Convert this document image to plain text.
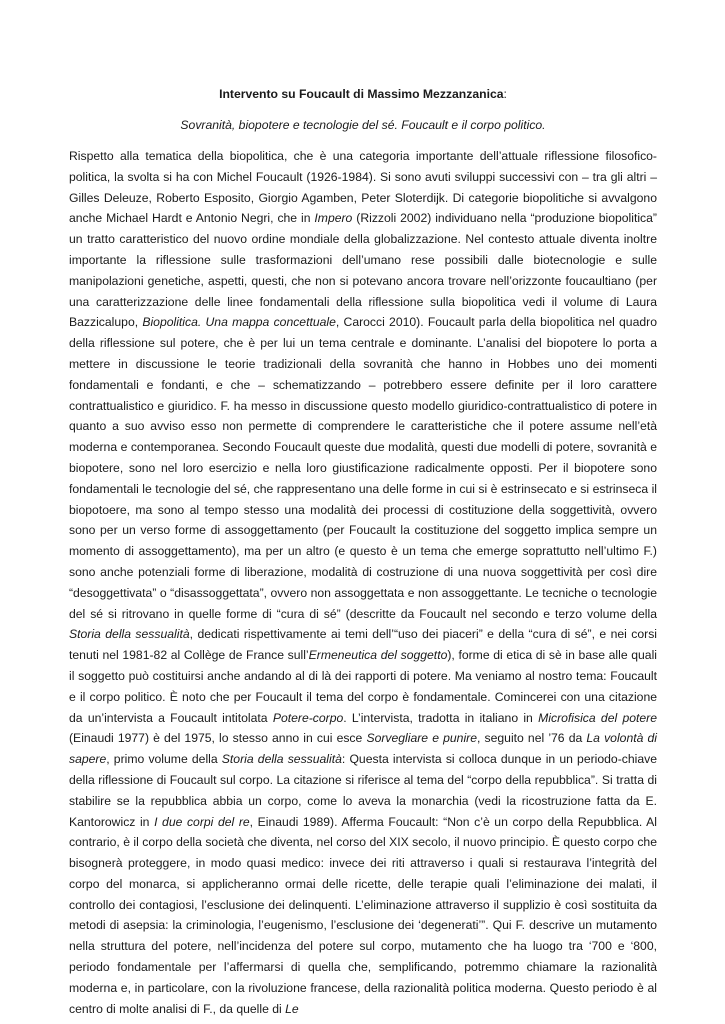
Intervento su Foucault di Massimo Mezzanzanica:

Sovranità, biopotere e tecnologie del sé. Foucault e il corpo politico.

Rispetto alla tematica della biopolitica, che è una categoria importante dell’attuale riflessione filosofico-politica, la svolta si ha con Michel Foucault (1926-1984). Si sono avuti sviluppi successivi con – tra gli altri – Gilles Deleuze, Roberto Esposito, Giorgio Agamben, Peter Sloterdijk. Di categorie biopolitiche si avvalgono anche Michael Hardt e Antonio Negri, che in Impero (Rizzoli 2002) individuano nella “produzione biopolitica” un tratto caratteristico del nuovo ordine mondiale della globalizzazione. Nel contesto attuale diventa inoltre importante la riflessione sulle trasformazioni dell’umano rese possibili dalle biotecnologie e sulle manipolazioni genetiche, aspetti, questi, che non si potevano ancora trovare nell’orizzonte foucaultiano (per una caratterizzazione delle linee fondamentali della riflessione sulla biopolitica vedi il volume di Laura Bazzicalupo, Biopolitica. Una mappa concettuale, Carocci 2010). Foucault parla della biopolitica nel quadro della riflessione sul potere, che è per lui un tema centrale e dominante. L’analisi del biopotere lo porta a mettere in discussione le teorie tradizionali della sovranità che hanno in Hobbes uno dei momenti fondamentali e fondanti, e che – schematizzando – potrebbero essere definite per il loro carattere contrattualistico e giuridico. F. ha messo in discussione questo modello giuridico-contrattualistico di potere in quanto a suo avviso esso non permette di comprendere le caratteristiche che il potere assume nell’età moderna e contemporanea. Secondo Foucault queste due modalità, questi due modelli di potere, sovranità e biopotere, sono nel loro esercizio e nella loro giustificazione radicalmente opposti. Per il biopotere sono fondamentali le tecnologie del sé, che rappresentano una delle forme in cui si è estrinsecato e si estrinseca il biopotoere, ma sono al tempo stesso una modalità dei processi di costituzione della soggettività, ovvero sono per un verso forme di assoggettamento (per Foucault la costituzione del soggetto implica sempre un momento di assoggettamento), ma per un altro (e questo è un tema che emerge soprattutto nell’ultimo F.) sono anche potenziali forme di liberazione, modalità di costruzione di una nuova soggettività per così dire “desoggettivata” o “disassoggettata”, ovvero non assoggettata e non assoggettante. Le tecniche o tecnologie del sé si ritrovano in quelle forme di “cura di sé” (descritte da Foucault nel secondo e terzo volume della Storia della sessualità, dedicati rispettivamente ai temi dell’“uso dei piaceri” e della “cura di sé”, e nei corsi tenuti nel 1981-82 al Collège de France sull’Ermeneutica del soggetto), forme di etica di sè in base alle quali il soggetto può costituirsi anche andando al di là dei rapporti di potere. Ma veniamo al nostro tema: Foucault e il corpo politico. È noto che per Foucault il tema del corpo è fondamentale. Comincerei con una citazione da un’intervista a Foucault intitolata Potere-corpo. L’intervista, tradotta in italiano in Microfisica del potere (Einaudi 1977) è del 1975, lo stesso anno in cui esce Sorvegliare e punire, seguito nel ’76 da La volontà di sapere, primo volume della Storia della sessualità: Questa intervista si colloca dunque in un periodo-chiave della riflessione di Foucault sul corpo. La citazione si riferisce al tema del “corpo della repubblica”. Si tratta di stabilire se la repubblica abbia un corpo, come lo aveva la monarchia (vedi la ricostruzione fatta da E. Kantorowicz in I due corpi del re, Einaudi 1989). Afferma Foucault: “Non c’è un corpo della Repubblica. Al contrario, è il corpo della società che diventa, nel corso del XIX secolo, il nuovo principio. È questo corpo che bisognerà proteggere, in modo quasi medico: invece dei riti attraverso i quali si restaurava l’integrità del corpo del monarca, si applicheranno ormai delle ricette, delle terapie quali l’eliminazione dei malati, il controllo dei contagiosi, l’esclusione dei delinquenti. L’eliminazione attraverso il supplizio è così sostituita da metodi di asepsia: la criminologia, l’eugenismo, l’esclusione dei ‘degenerati’”. Qui F. descrive un mutamento nella struttura del potere, nell’incidenza del potere sul corpo, mutamento che ha luogo tra ‘700 e ‘800, periodo fondamentale per l’affermarsi di quella che, semplificando, potremmo chiamare la razionalità moderna e, in particolare, con la rivoluzione francese, della razionalità politica moderna. Questo periodo è al centro di molte analisi di F., da quelle di Le
